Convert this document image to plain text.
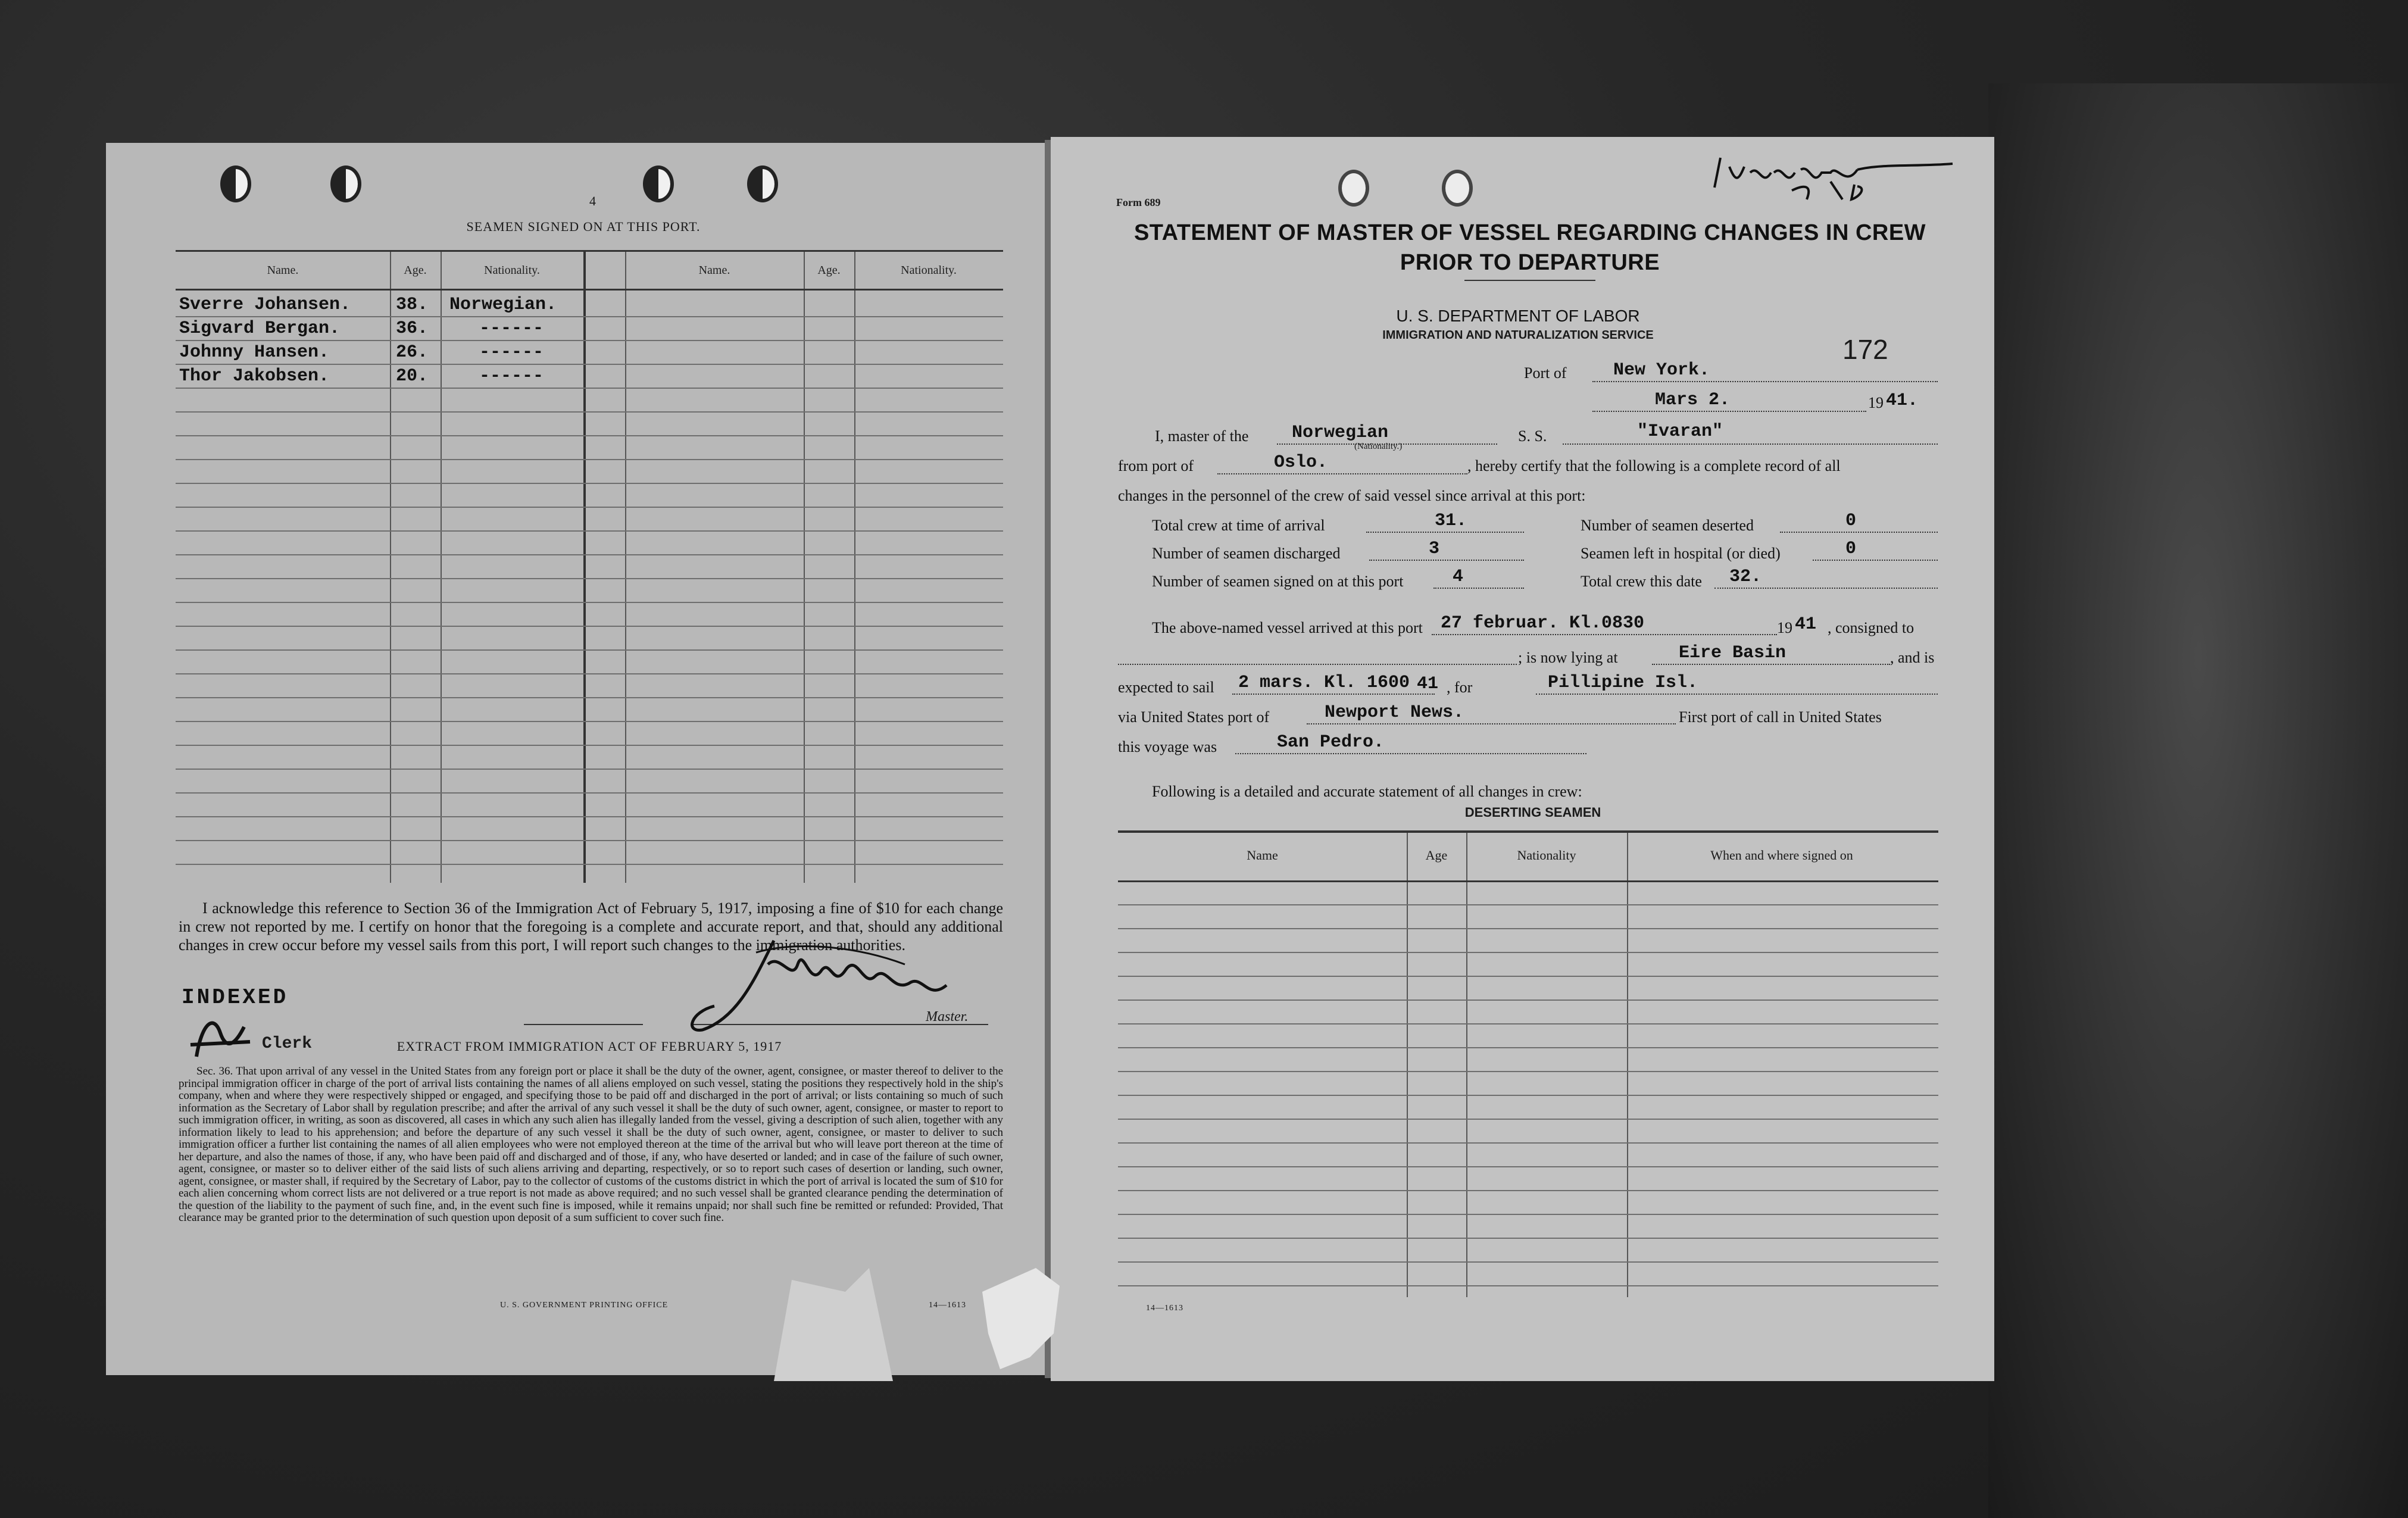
4
SEAMEN SIGNED ON AT THIS PORT.
Name.	Age.	Nationality.	Name.	Age.	Nationality.
Sverre Johansen.	38. Norwegian.
Sigvard Bergan.	36.	------
Johnny Hansen.	26.	------
Thor Jakobsen.	20.	------
I acknowledge this reference to Section 36 of the Immigration Act of February 5, 1917, imposing a fine of $10 for each change in crew not reported by me. I certify on honor that the foregoing is a complete and accurate report, and that, should any additional changes in crew occur before my vessel sails from this port, I will report such changes to the immigration authorities.
INDEXED
Clerk
Master.
EXTRACT FROM IMMIGRATION ACT OF FEBRUARY 5, 1917
Sec. 36. That upon arrival of any vessel in the United States from any foreign port or place it shall be the duty of the owner, agent, consignee, or master thereof to deliver to the principal immigration officer in charge of the port of arrival lists containing the names of all aliens employed on such vessel, stating the positions they respectively hold in the ship's company, when and where they were respectively shipped or engaged, and specifying those to be paid off and discharged in the port of arrival; or lists containing so much of such information as the Secretary of Labor shall by regulation prescribe; and after the arrival of any such vessel it shall be the duty of such owner, agent, consignee, or master to report to such immigration officer, in writing, as soon as discovered, all cases in which any such alien has illegally landed from the vessel, giving a description of such alien, together with any information likely to lead to his apprehension; and before the departure of any such vessel it shall be the duty of such owner, agent, consignee, or master to deliver to such immigration officer a further list containing the names of all alien employees who were not employed thereon at the time of the arrival but who will leave port thereon at the time of her departure, and also the names of those, if any, who have been paid off and discharged and of those, if any, who have deserted or landed; and in case of the failure of such owner, agent, consignee, or master so to deliver either of the said lists of such aliens arriving and departing, respectively, or so to report such cases of desertion or landing, such owner, agent, consignee, or master shall, if required by the Secretary of Labor, pay to the collector of customs of the customs district in which the port of arrival is located the sum of $10 for each alien concerning whom correct lists are not delivered or a true report is not made as above required; and no such vessel shall be granted clearance pending the determination of the question of the liability to the payment of such fine, and, in the event such fine is imposed, while it remains unpaid; nor shall such fine be remitted or refunded: Provided, That clearance may be granted prior to the determination of such question upon deposit of a sum sufficient to cover such fine.
U. S. GOVERNMENT PRINTING OFFICE	14—1613
Form 689
STATEMENT OF MASTER OF VESSEL REGARDING CHANGES IN CREW
PRIOR TO DEPARTURE
U. S. DEPARTMENT OF LABOR
IMMIGRATION AND NATURALIZATION SERVICE	172
Port of	New York.
Mars 2.	19 41.
I, master of the Norwegian
(Nationality.)
S. S.	"Ivaran"
from port of	Oslo.	, hereby certify that the following is a complete record of all
changes in the personnel of the crew of said vessel since arrival at this port:
Total crew at time of arrival	31.	Number of seamen deserted	0
Number of seamen discharged	3	Seamen left in hospital (or died)	0
Number of seamen signed on at this port	4	Total crew this date 32.
The above-named vessel arrived at this port 27 februar. Kl.0830	19 41 , consigned to
; is now lying at	Eire Basin	, and is
expected to sail 2 mars. Kl. 1600 41 , for	Pillipine Isl.
via United States port of	Newport News.	First port of call in United States
this voyage was	San Pedro.
Following is a detailed and accurate statement of all changes in crew:
DESERTING SEAMEN
Name	Age	Nationality	When and where signed on
14—1613
